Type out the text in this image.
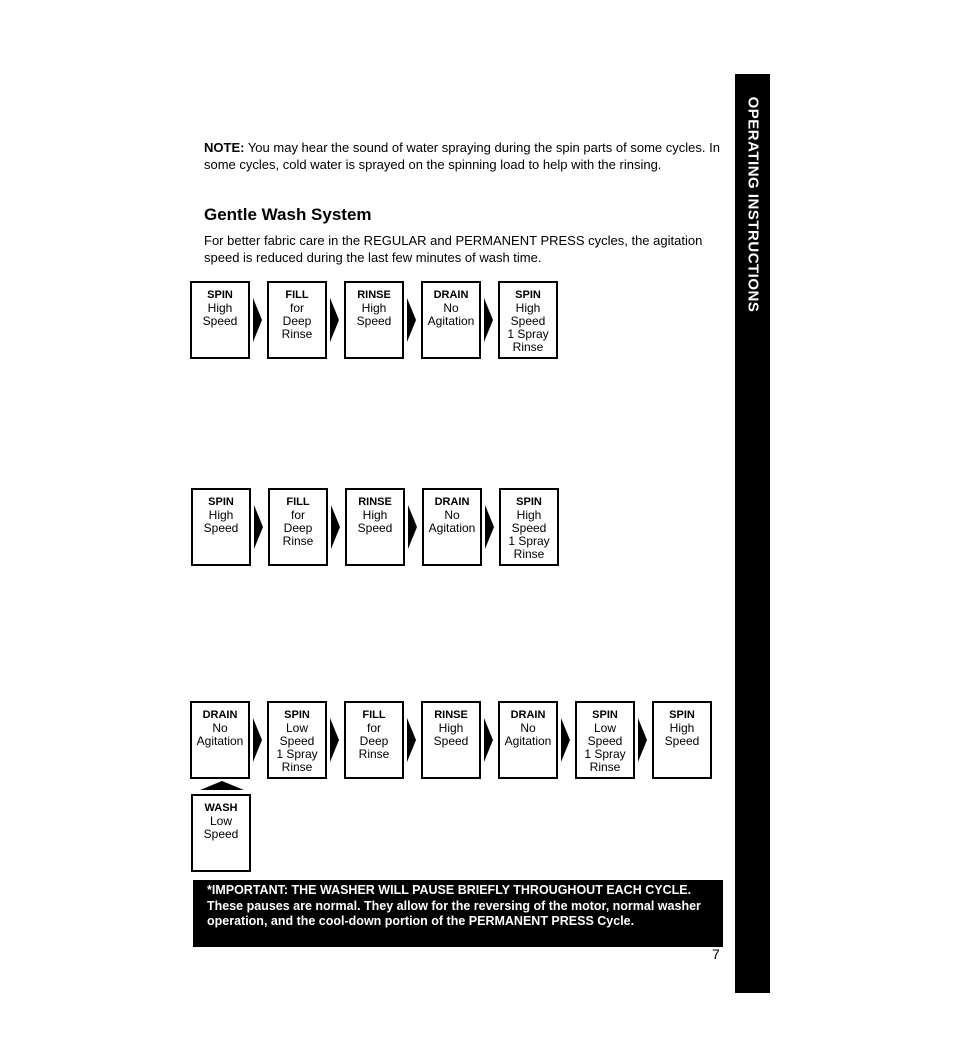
OPERATING INSTRUCTIONS
NOTE: You may hear the sound of water spraying during the spin parts of some cycles. In some cycles, cold water is sprayed on the spinning load to help with the rinsing.
Gentle Wash System
For better fabric care in the REGULAR and PERMANENT PRESS cycles, the agitation speed is reduced during the last few minutes of wash time.
SPIN
High
Speed
FILL
for
Deep
Rinse
RINSE
High
Speed
DRAIN
No
Agitation
SPIN
High
Speed
1 Spray
Rinse
SPIN
High
Speed
FILL
for
Deep
Rinse
RINSE
High
Speed
DRAIN
No
Agitation
SPIN
High
Speed
1 Spray
Rinse
DRAIN
No
Agitation
SPIN
Low
Speed
1 Spray
Rinse
FILL
for
Deep
Rinse
RINSE
High
Speed
DRAIN
No
Agitation
SPIN
Low
Speed
1 Spray
Rinse
SPIN
High
Speed
WASH
Low
Speed
*IMPORTANT: THE WASHER WILL PAUSE BRIEFLY THROUGHOUT EACH CYCLE. These pauses are normal. They allow for the reversing of the motor, normal washer operation, and the cool-down portion of the PERMANENT PRESS Cycle.
7
